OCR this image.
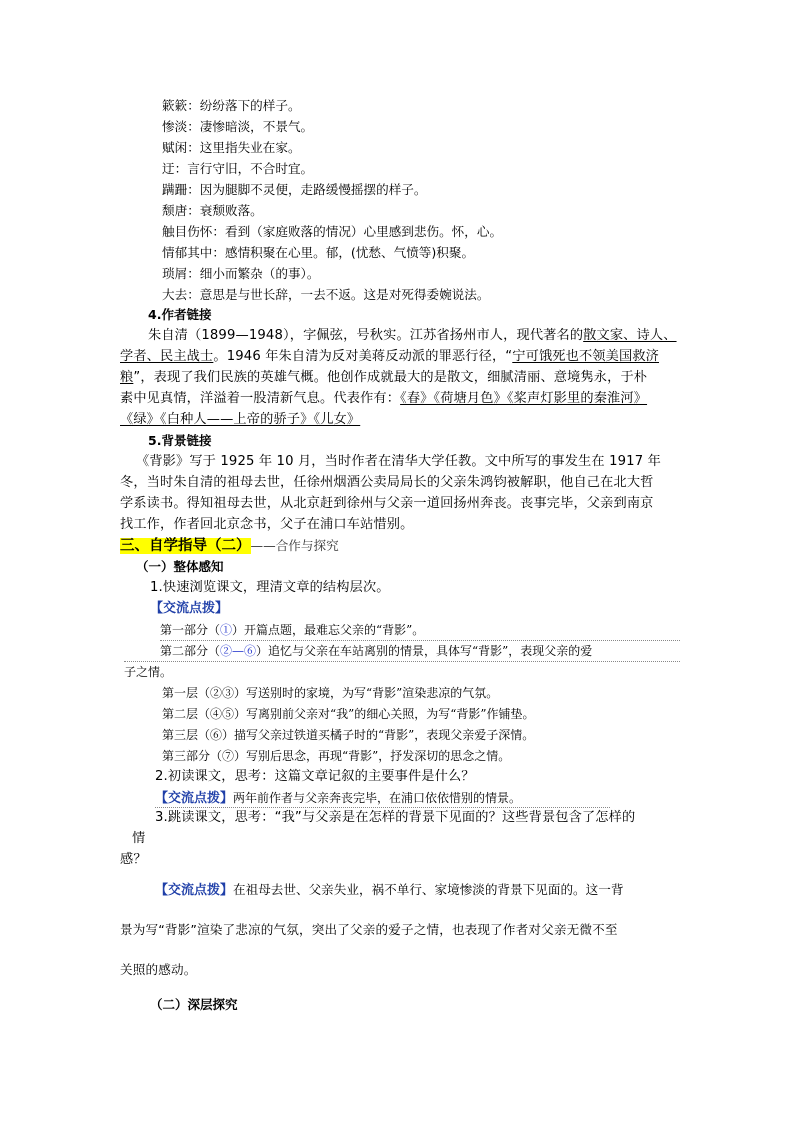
簌簌：纷纷落下的样子。
惨淡：凄惨暗淡，不景气。
赋闲：这里指失业在家。
迂：言行守旧，不合时宜。
蹒跚：因为腿脚不灵便，走路缓慢摇摆的样子。
颓唐：衰颓败落。
触目伤怀：看到（家庭败落的情况）心里感到悲伤。怀，心。
情郁其中：感情积聚在心里。郁，(忧愁、气愤等)积聚。
琐屑：细小而繁杂（的事）。
大去：意思是与世长辞，一去不返。这是对死得委婉说法。
4.作者链接
朱自清（1899—1948），字佩弦，号秋实。江苏省扬州市人，现代著名的散文家、诗人、
学者、民主战士。1946 年朱自清为反对美蒋反动派的罪恶行径，“宁可饿死也不领美国救济
粮”，表现了我们民族的英雄气概。他创作成就最大的是散文，细腻清丽、意境隽永，于朴
素中见真情，洋溢着一股清新气息。代表作有：《春》《荷塘月色》《桨声灯影里的秦淮河》
《绿》《白种人——上帝的骄子》《儿女》
5.背景链接
《背影》写于 1925 年 10 月，当时作者在清华大学任教。文中所写的事发生在 1917 年
冬，当时朱自清的祖母去世，任徐州烟酒公卖局局长的父亲朱鸿钧被解职，他自己在北大哲
学系读书。得知祖母去世，从北京赶到徐州与父亲一道回扬州奔丧。丧事完毕，父亲到南京
找工作，作者回北京念书，父子在浦口车站惜别。
三、自学指导（二）——合作与探究
（一）整体感知
1.快速浏览课文，理清文章的结构层次。
【交流点拨】
第一部分（①）开篇点题，最难忘父亲的“背影”。
第二部分（②—⑥）追忆与父亲在车站离别的情景，具体写“背影”，表现父亲的爱
子之情。
第一层（②③）写送别时的家境，为写“背影”渲染悲凉的气氛。
第二层（④⑤）写离别前父亲对“我”的细心关照，为写“背影”作铺垫。
第三层（⑥）描写父亲过铁道买橘子时的“背影”，表现父亲爱子深情。
第三部分（⑦）写别后思念，再现“背影”，抒发深切的思念之情。
2.初读课文，思考：这篇文章记叙的主要事件是什么？
【交流点拨】两年前作者与父亲奔丧完毕，在浦口依依惜别的情景。
3.跳读课文，思考：“我”与父亲是在怎样的背景下见面的？这些背景包含了怎样的
情
感？
【交流点拨】在祖母去世、父亲失业，祸不单行、家境惨淡的背景下见面的。这一背
景为写“背影”渲染了悲凉的气氛，突出了父亲的爱子之情，也表现了作者对父亲无微不至
关照的感动。
（二）深层探究
